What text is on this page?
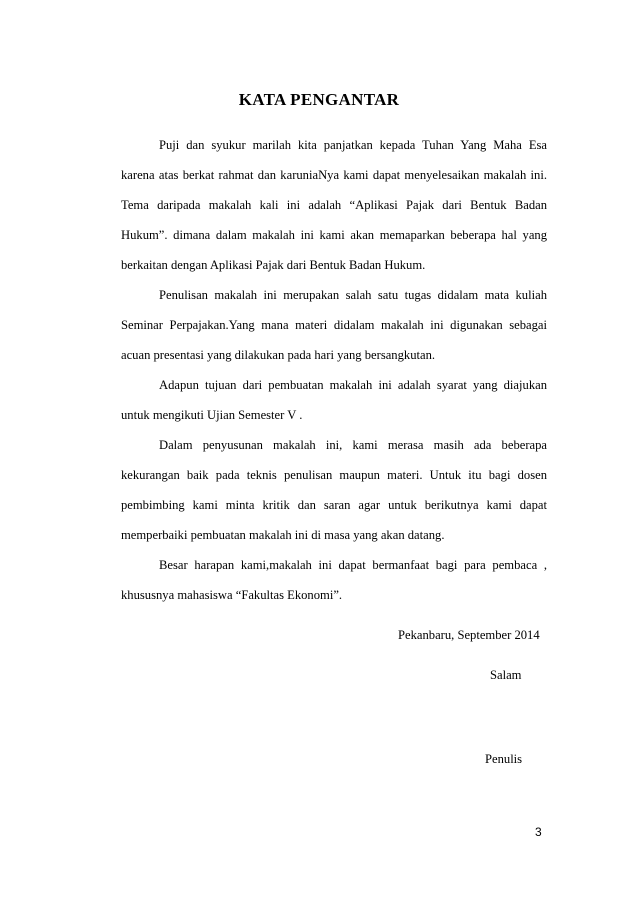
KATA PENGANTAR
Puji dan syukur marilah kita panjatkan kepada Tuhan Yang Maha Esa
karena atas berkat rahmat dan karuniaNya kami dapat menyelesaikan makalah ini.
Tema daripada makalah kali ini adalah “Aplikasi Pajak dari Bentuk Badan
Hukum”. dimana dalam makalah ini kami akan memaparkan beberapa hal yang
berkaitan dengan Aplikasi Pajak dari Bentuk Badan Hukum.
Penulisan makalah ini merupakan salah satu tugas didalam mata kuliah
Seminar Perpajakan.Yang mana materi didalam makalah ini digunakan sebagai
acuan presentasi yang dilakukan pada hari yang bersangkutan.
Adapun tujuan dari pembuatan makalah ini adalah syarat yang diajukan
untuk mengikuti Ujian Semester V .
Dalam penyusunan makalah ini, kami merasa masih ada beberapa
kekurangan baik pada teknis penulisan maupun materi. Untuk itu bagi dosen
pembimbing kami minta kritik dan saran agar untuk berikutnya kami dapat
memperbaiki pembuatan makalah ini di masa yang akan datang.
Besar harapan kami,makalah ini dapat bermanfaat bagi para pembaca ,
khususnya mahasiswa “Fakultas Ekonomi”.
Pekanbaru, September 2014
Salam
Penulis
3
